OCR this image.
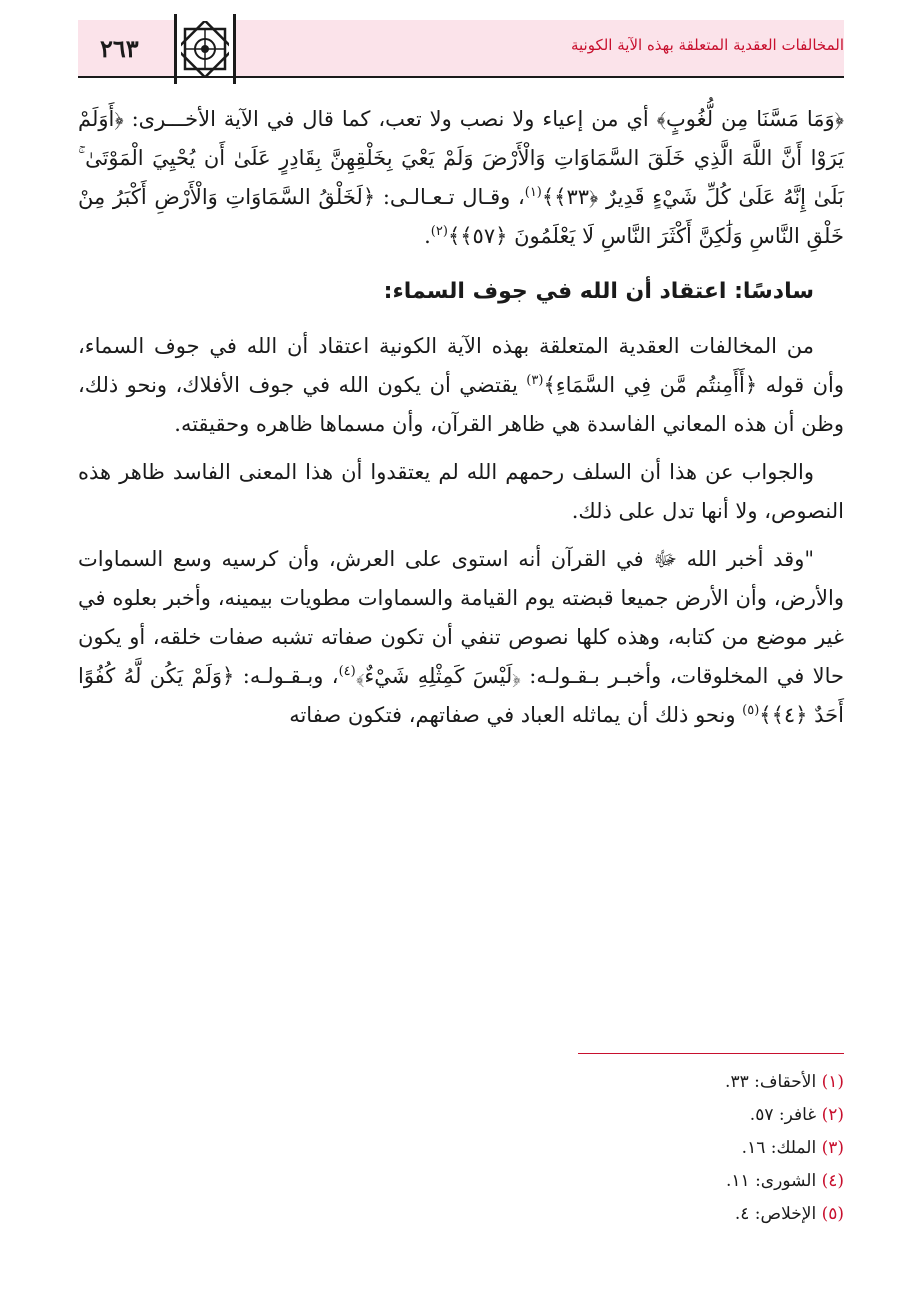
المخالفات العقدية المتعلقة بهذه الآية الكونية
٢٦٣

﴿وَمَا مَسَّنَا مِن لُّغُوبٍ﴾ أي من إعياء ولا نصب ولا تعب، كما قال في الآية الأخـــرى: ﴿أَوَلَمْ يَرَوْا أَنَّ اللَّهَ الَّذِي خَلَقَ السَّمَاوَاتِ وَالْأَرْضَ وَلَمْ يَعْيَ بِخَلْقِهِنَّ بِقَادِرٍ عَلَىٰ أَن يُحْيِيَ الْمَوْتَىٰ ۚ بَلَىٰ إِنَّهُ عَلَىٰ كُلِّ شَيْءٍ قَدِيرٌ ﴿٣٣﴾﴾$^{(١)}$، وقـال تـعـالـى: ﴿لَخَلْقُ السَّمَاوَاتِ وَالْأَرْضِ أَكْبَرُ مِنْ خَلْقِ النَّاسِ وَلَٰكِنَّ أَكْثَرَ النَّاسِ لَا يَعْلَمُونَ ﴿٥٧﴾﴾$^{(٢)}$.

سادسًا: اعتقاد أن الله في جوف السماء:

من المخالفات العقدية المتعلقة بهذه الآية الكونية اعتقاد أن الله في جوف السماء، وأن قوله ﴿أَأَمِنتُم مَّن فِي السَّمَاءِ﴾$^{(٣)}$ يقتضي أن يكون الله في جوف الأفلاك، ونحو ذلك، وظن أن هذه المعاني الفاسدة هي ظاهر القرآن، وأن مسماها ظاهره وحقيقته.

والجواب عن هذا أن السلف رحمهم الله لم يعتقدوا أن هذا المعنى الفاسد ظاهر هذه النصوص، ولا أنها تدل على ذلك.

"وقد أخبر الله ﷻ في القرآن أنه استوى على العرش، وأن كرسيه وسع السماوات والأرض، وأن الأرض جميعا قبضته يوم القيامة والسماوات مطويات بيمينه، وأخبر بعلوه في غير موضع من كتابه، وهذه كلها نصوص تنفي أن تكون صفاته تشبه صفات خلقه، أو يكون حالا في المخلوقات، وأخبـر بـقـولـه: ﴿لَيْسَ كَمِثْلِهِ شَيْءٌ﴾$^{(٤)}$، وبـقـولـه: ﴿وَلَمْ يَكُن لَّهُ كُفُوًا أَحَدٌ ﴿٤﴾﴾$^{(٥)}$ ونحو ذلك أن يماثله العباد في صفاتهم، فتكون صفاته

(١) الأحقاف: ٣٣.
(٢) غافر: ٥٧.
(٣) الملك: ١٦.
(٤) الشورى: ١١.
(٥) الإخلاص: ٤.
